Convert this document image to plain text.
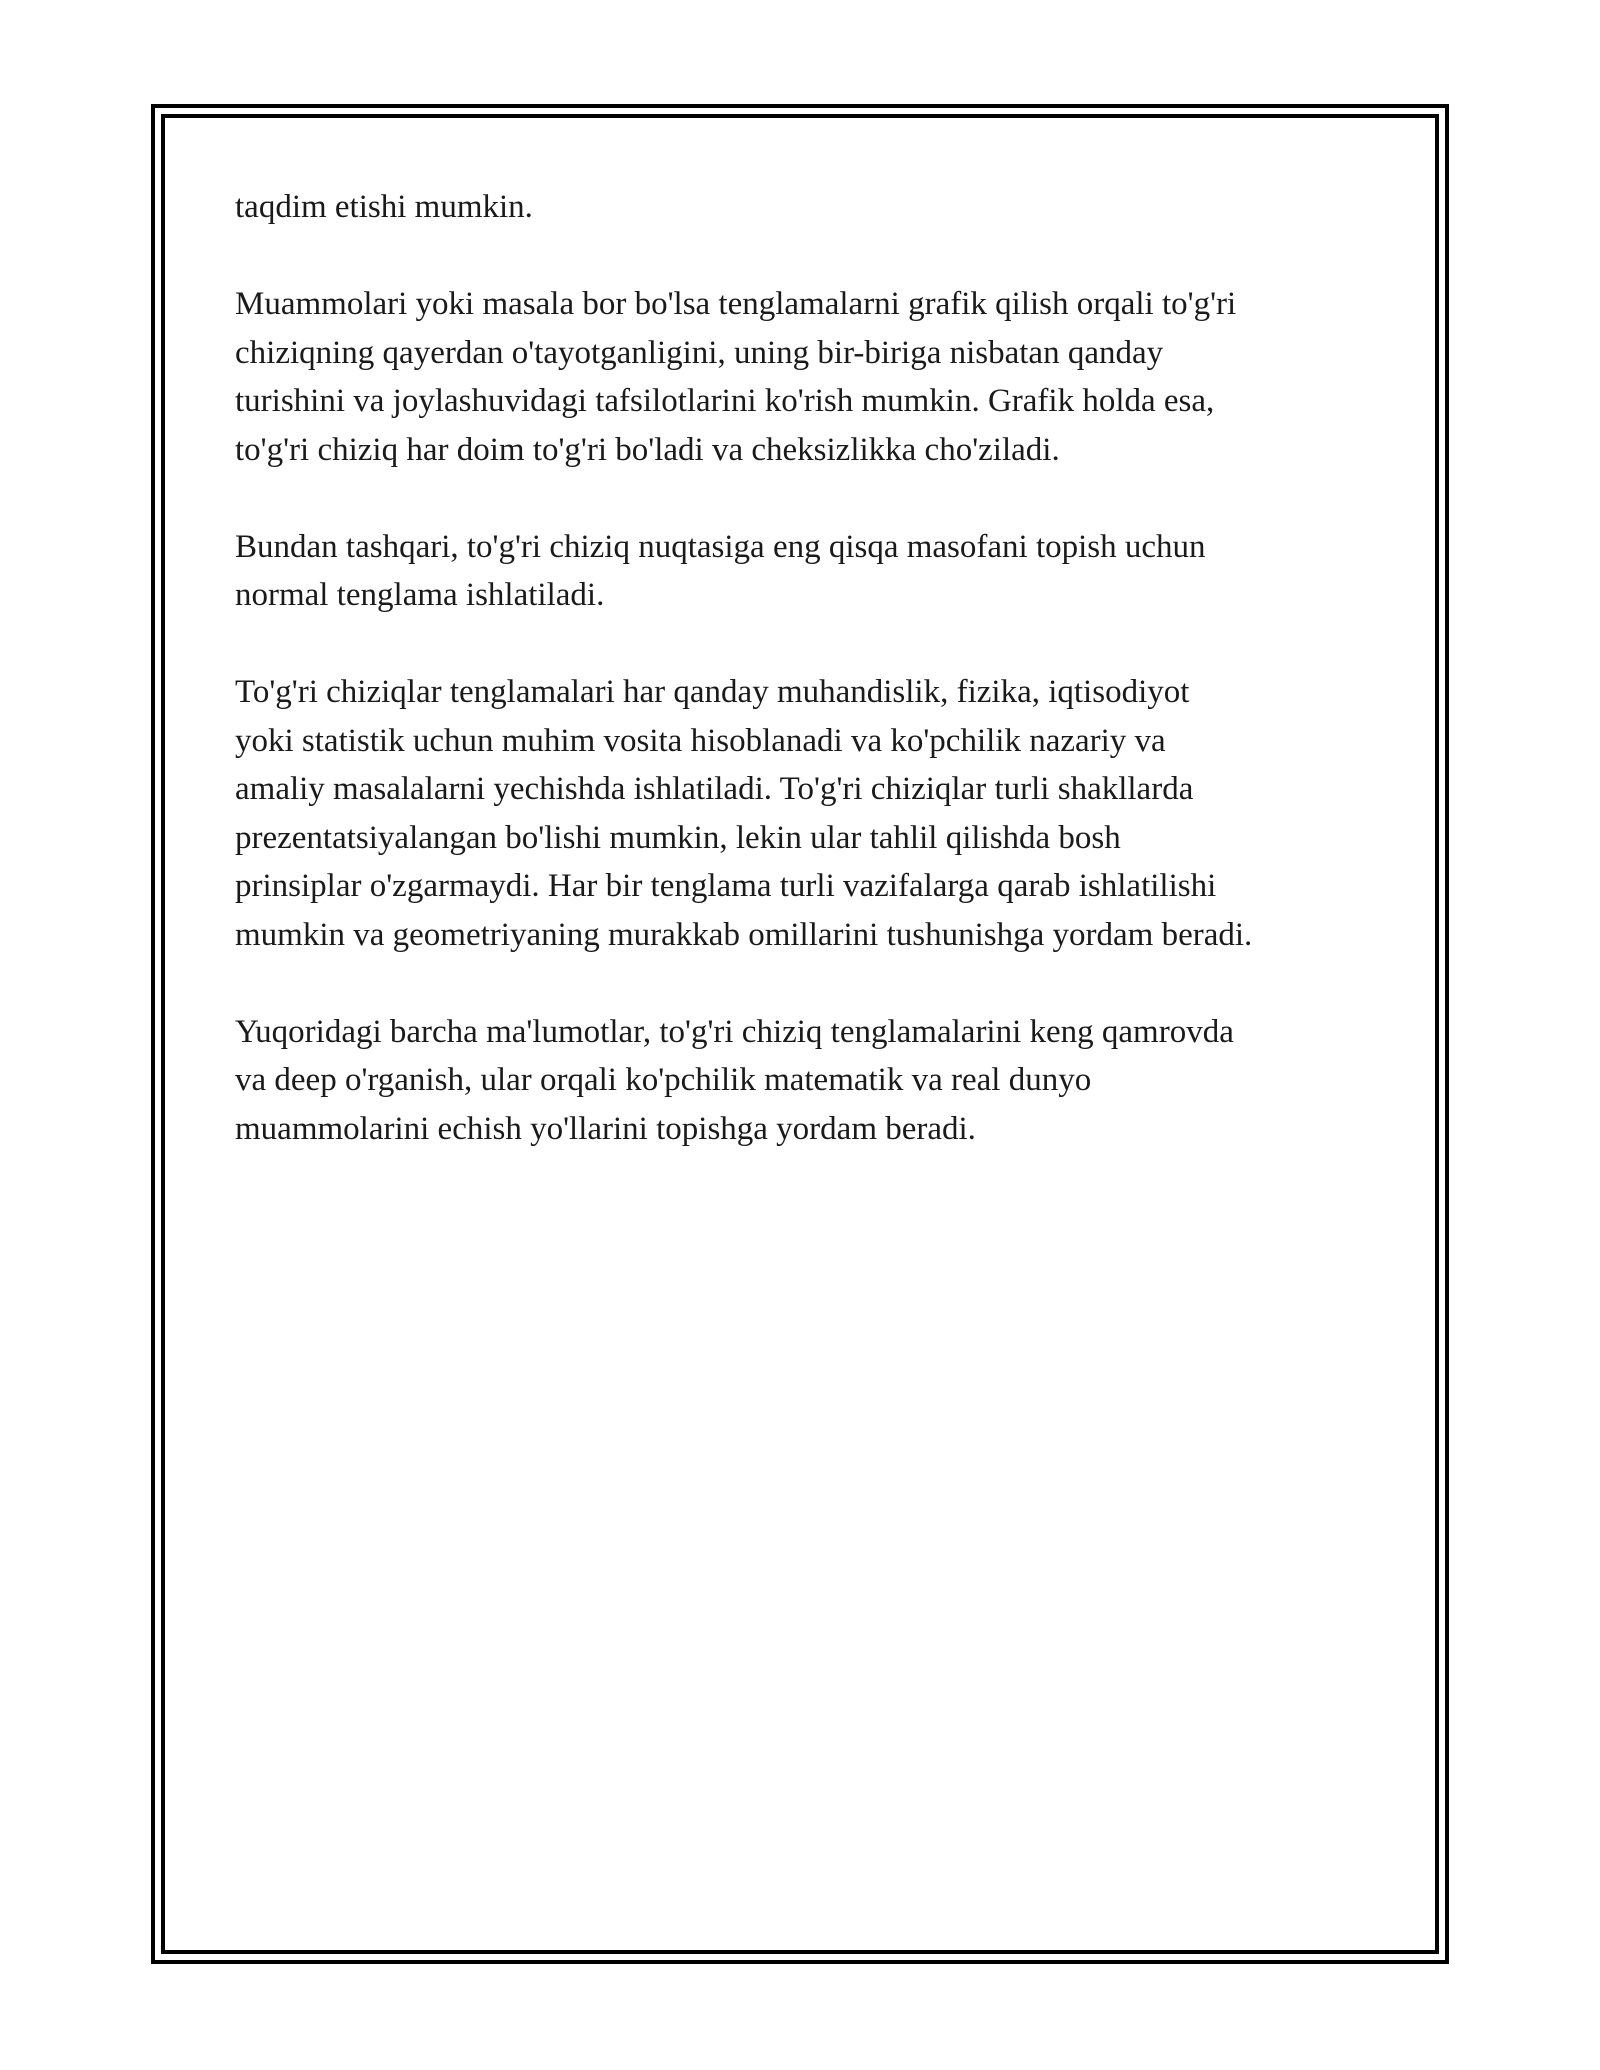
taqdim etishi mumkin.

Muammolari yoki masala bor bo'lsa tenglamalarni grafik qilish orqali to'g'ri
chiziqning qayerdan o'tayotganligini, uning bir-biriga nisbatan qanday
turishini va joylashuvidagi tafsilotlarini ko'rish mumkin. Grafik holda esa,
to'g'ri chiziq har doim to'g'ri bo'ladi va cheksizlikka cho'ziladi.

Bundan tashqari, to'g'ri chiziq nuqtasiga eng qisqa masofani topish uchun
normal tenglama ishlatiladi.

To'g'ri chiziqlar tenglamalari har qanday muhandislik, fizika, iqtisodiyot
yoki statistik uchun muhim vosita hisoblanadi va ko'pchilik nazariy va
amaliy masalalarni yechishda ishlatiladi. To'g'ri chiziqlar turli shakllarda
prezentatsiyalangan bo'lishi mumkin, lekin ular tahlil qilishda bosh
prinsiplar o'zgarmaydi. Har bir tenglama turli vazifalarga qarab ishlatilishi
mumkin va geometriyaning murakkab omillarini tushunishga yordam beradi.

Yuqoridagi barcha ma'lumotlar, to'g'ri chiziq tenglamalarini keng qamrovda
va deep o'rganish, ular orqali ko'pchilik matematik va real dunyo
muammolarini echish yo'llarini topishga yordam beradi.
